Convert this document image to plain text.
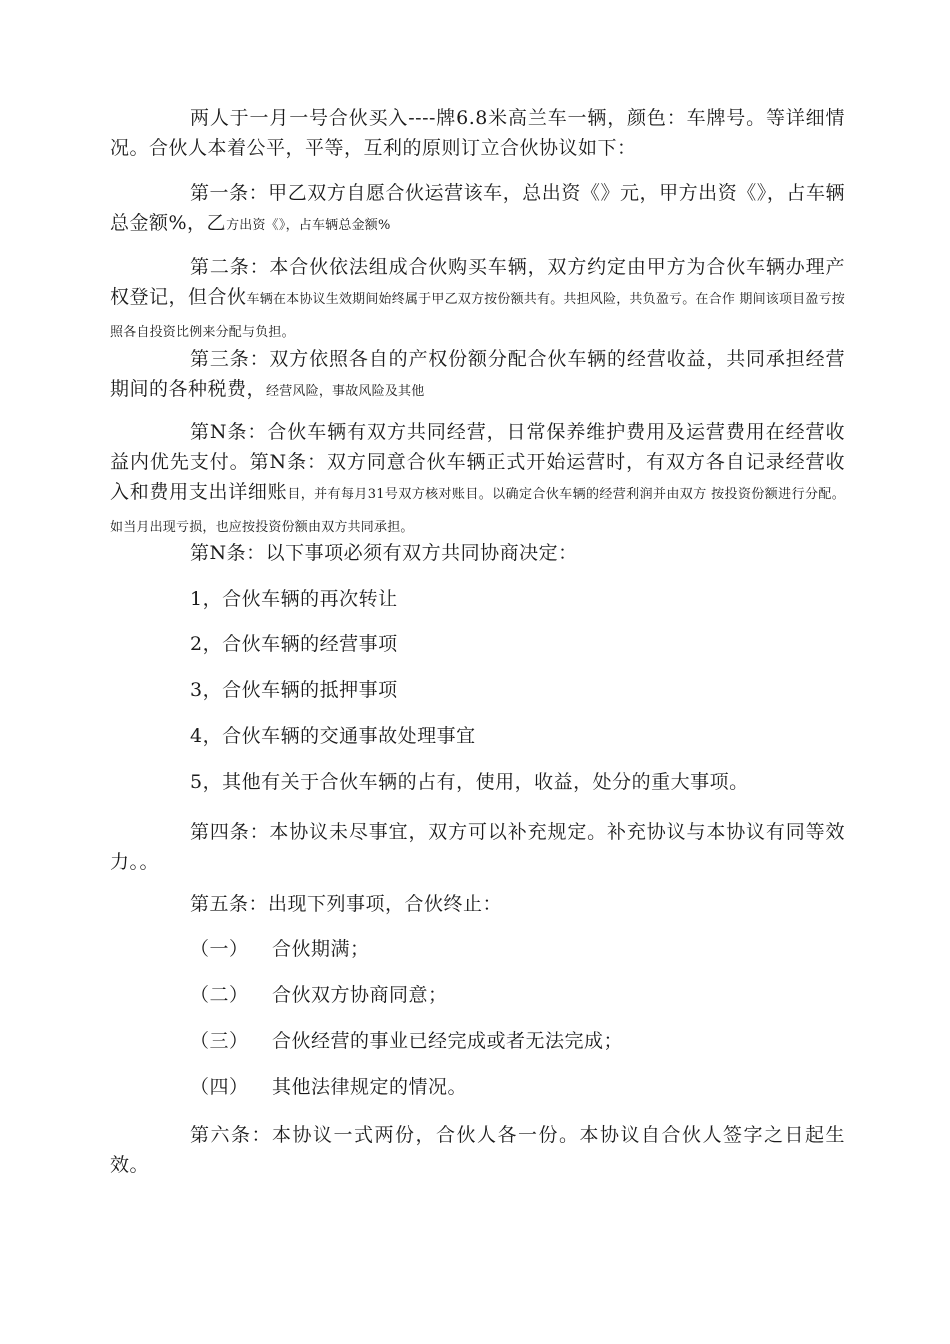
两人于一月一号合伙买入----牌6.8米高兰车一辆，颜色：车牌号。等详细情况。合伙人本着公平，平等，互利的原则订立合伙协议如下：

第一条：甲乙双方自愿合伙运营该车，总出资《》元，甲方出资《》，占车辆总金额%，乙方出资《》，占车辆总金额%

第二条：本合伙依法组成合伙购买车辆，双方约定由甲方为合伙车辆办理产权登记，但合伙车辆在本协议生效期间始终属于甲乙双方按份额共有。共担风险，共负盈亏。在合作 期间该项目盈亏按照各自投资比例来分配与负担。

第三条：双方依照各自的产权份额分配合伙车辆的经营收益，共同承担经营期间的各种税费，经营风险，事故风险及其他

第N条：合伙车辆有双方共同经营，日常保养维护费用及运营费用在经营收益内优先支付。第N条：双方同意合伙车辆正式开始运营时，有双方各自记录经营收入和费用支出详细账目，并有每月31号双方核对账目。以确定合伙车辆的经营利润并由双方 按投资份额进行分配。如当月出现亏损，也应按投资份额由双方共同承担。

第N条：以下事项必须有双方共同协商决定：

1，合伙车辆的再次转让

2，合伙车辆的经营事项

3，合伙车辆的抵押事项

4，合伙车辆的交通事故处理事宜

5，其他有关于合伙车辆的占有，使用，收益，处分的重大事项。

第四条：本协议未尽事宜，双方可以补充规定。补充协议与本协议有同等效力。。

第五条：出现下列事项，合伙终止：

（一） 合伙期满；

（二） 合伙双方协商同意；

（三） 合伙经营的事业已经完成或者无法完成；

（四） 其他法律规定的情况。

第六条：本协议一式两份，合伙人各一份。本协议自合伙人签字之日起生效。
